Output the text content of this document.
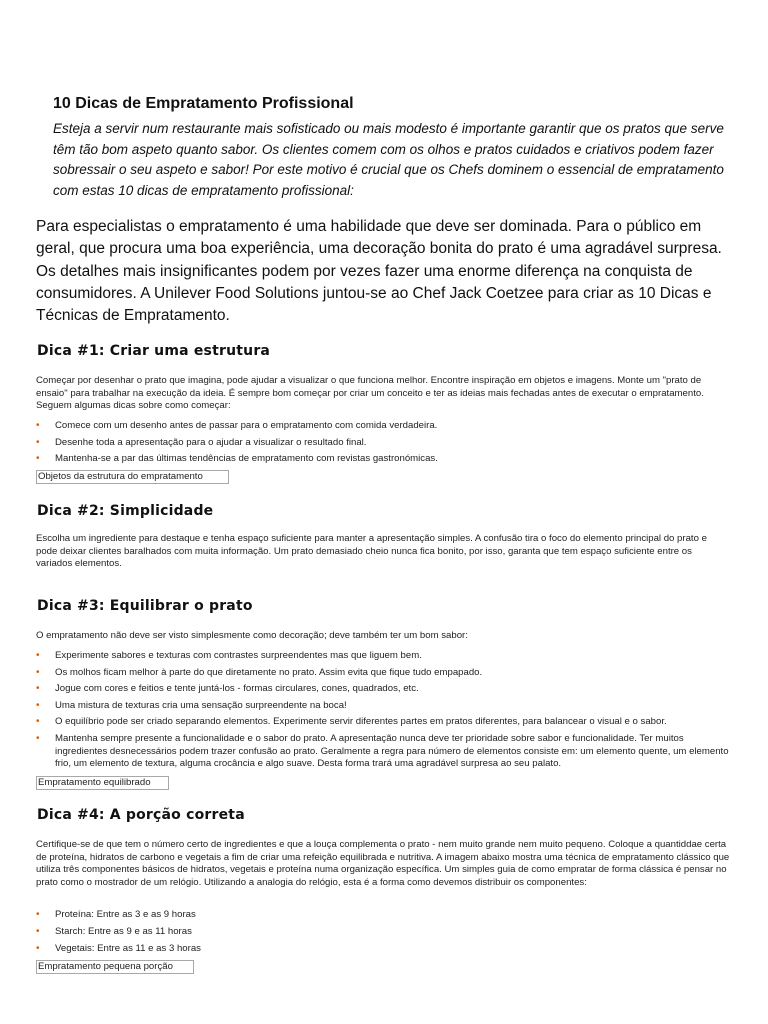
10 Dicas de Empratamento Profissional
Esteja a servir num restaurante mais sofisticado ou mais modesto é importante garantir que os pratos que serve têm tão bom aspeto quanto sabor. Os clientes comem com os olhos e pratos cuidados e criativos podem fazer sobressair o seu aspeto e sabor! Por este motivo é crucial que os Chefs dominem o essencial de empratamento com estas 10 dicas de empratamento profissional:
Para especialistas o empratamento é uma habilidade que deve ser dominada. Para o público em geral, que procura uma boa experiência, uma decoração bonita do prato é uma agradável surpresa. Os detalhes mais insignificantes podem por vezes fazer uma enorme diferença na conquista de consumidores. A Unilever Food Solutions juntou-se ao Chef Jack Coetzee para criar as 10 Dicas e Técnicas de Empratamento.
Dica #1: Criar uma estrutura
Começar por desenhar o prato que imagina, pode ajudar a visualizar o que funciona melhor. Encontre inspiração em objetos e imagens. Monte um "prato de ensaio" para trabalhar na execução da ideia. É sempre bom começar por criar um conceito e ter as ideias mais fechadas antes de executar o empratamento. Seguem algumas dicas sobre como começar:
• Comece com um desenho antes de passar para o empratamento com comida verdadeira.
• Desenhe toda a apresentação para o ajudar a visualizar o resultado final.
• Mantenha-se a par das últimas tendências de empratamento com revistas gastronómicas.
Objetos da estrutura do empratamento
Dica #2: Simplicidade
Escolha um ingrediente para destaque e tenha espaço suficiente para manter a apresentação simples. A confusão tira o foco do elemento principal do prato e pode deixar clientes baralhados com muita informação. Um prato demasiado cheio nunca fica bonito, por isso, garanta que tem espaço suficiente entre os variados elementos.
Dica #3: Equilibrar o prato
O empratamento não deve ser visto simplesmente como decoração; deve também ter um bom sabor:
• Experimente sabores e texturas com contrastes surpreendentes mas que liguem bem.
• Os molhos ficam melhor à parte do que diretamente no prato. Assim evita que fique tudo empapado.
• Jogue com cores e feitios e tente juntá-los - formas circulares, cones, quadrados, etc.
• Uma mistura de texturas cria uma sensação surpreendente na boca!
• O equilíbrio pode ser criado separando elementos. Experimente servir diferentes partes em pratos diferentes, para balancear o visual e o sabor.
• Mantenha sempre presente a funcionalidade e o sabor do prato. A apresentação nunca deve ter prioridade sobre sabor e funcionalidade. Ter muitos ingredientes desnecessários podem trazer confusão ao prato. Geralmente a regra para número de elementos consiste em: um elemento quente, um elemento frio, um elemento de textura, alguma crocância e algo suave. Desta forma trará uma agradável surpresa ao seu palato.
Empratamento equilibrado
Dica #4: A porção correta
Certifique-se de que tem o número certo de ingredientes e que a louça complementa o prato - nem muito grande nem muito pequeno. Coloque a quantiddae certa de proteína, hidratos de carbono e vegetais a fim de criar uma refeição equilibrada e nutritiva. A imagem abaixo mostra uma técnica de empratamento clássico que utiliza três componentes básicos de hidratos, vegetais e proteína numa organização específica. Um simples guia de como empratar de forma clássica é pensar no prato como o mostrador de um relógio. Utilizando a analogia do relógio, esta é a forma como devemos distribuir os componentes:
• Proteína: Entre as 3 e as 9 horas
• Starch: Entre as 9 e as 11 horas
• Vegetais: Entre as 11 e as 3 horas
Empratamento pequena porção
